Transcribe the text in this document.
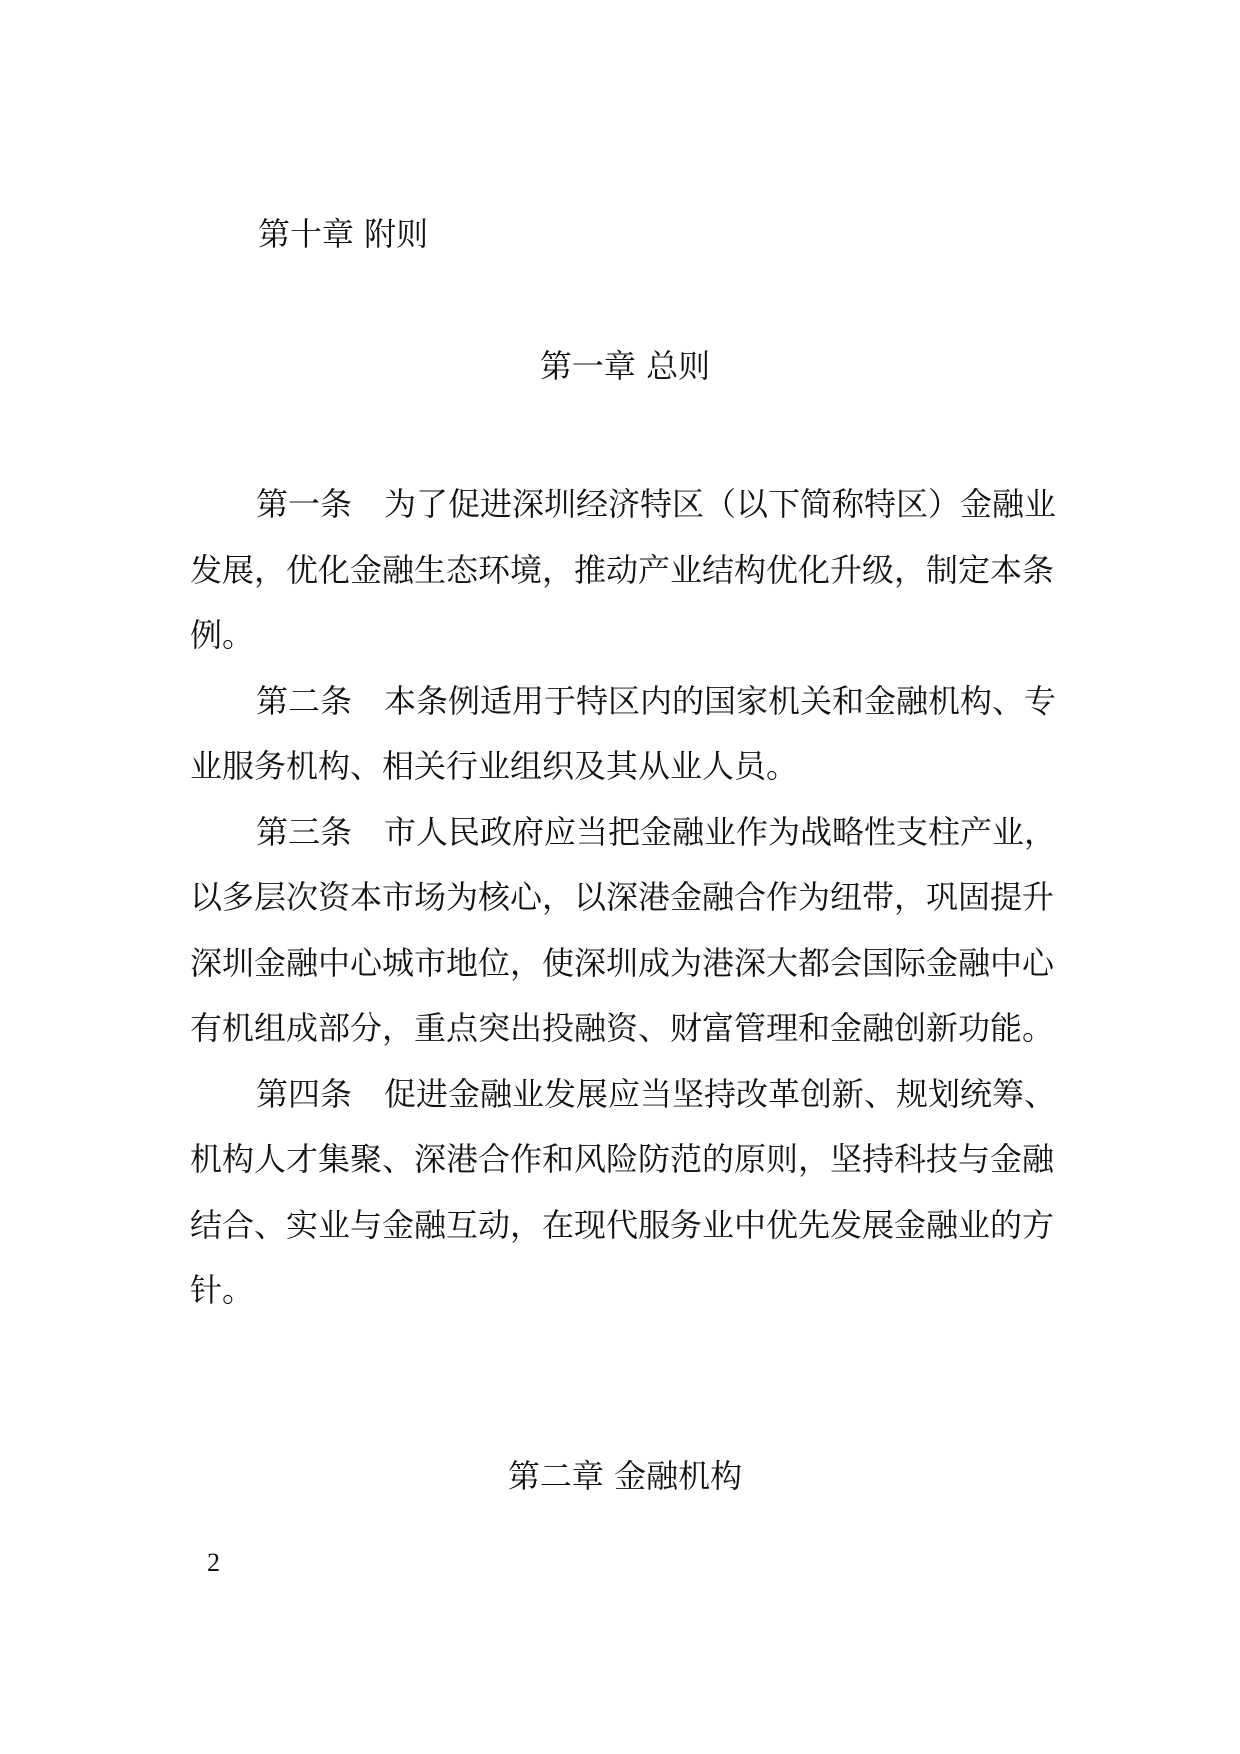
第十章 附则
第一章 总则

第一条 为了促进深圳经济特区（以下简称特区）金融业发展，优化金融生态环境，推动产业结构优化升级，制定本条例。

第二条 本条例适用于特区内的国家机关和金融机构、专业服务机构、相关行业组织及其从业人员。

第三条 市人民政府应当把金融业作为战略性支柱产业，以多层次资本市场为核心，以深港金融合作为纽带，巩固提升深圳金融中心城市地位，使深圳成为港深大都会国际金融中心有机组成部分，重点突出投融资、财富管理和金融创新功能。

第四条 促进金融业发展应当坚持改革创新、规划统筹、机构人才集聚、深港合作和风险防范的原则，坚持科技与金融结合、实业与金融互动，在现代服务业中优先发展金融业的方针。

第二章 金融机构
2
